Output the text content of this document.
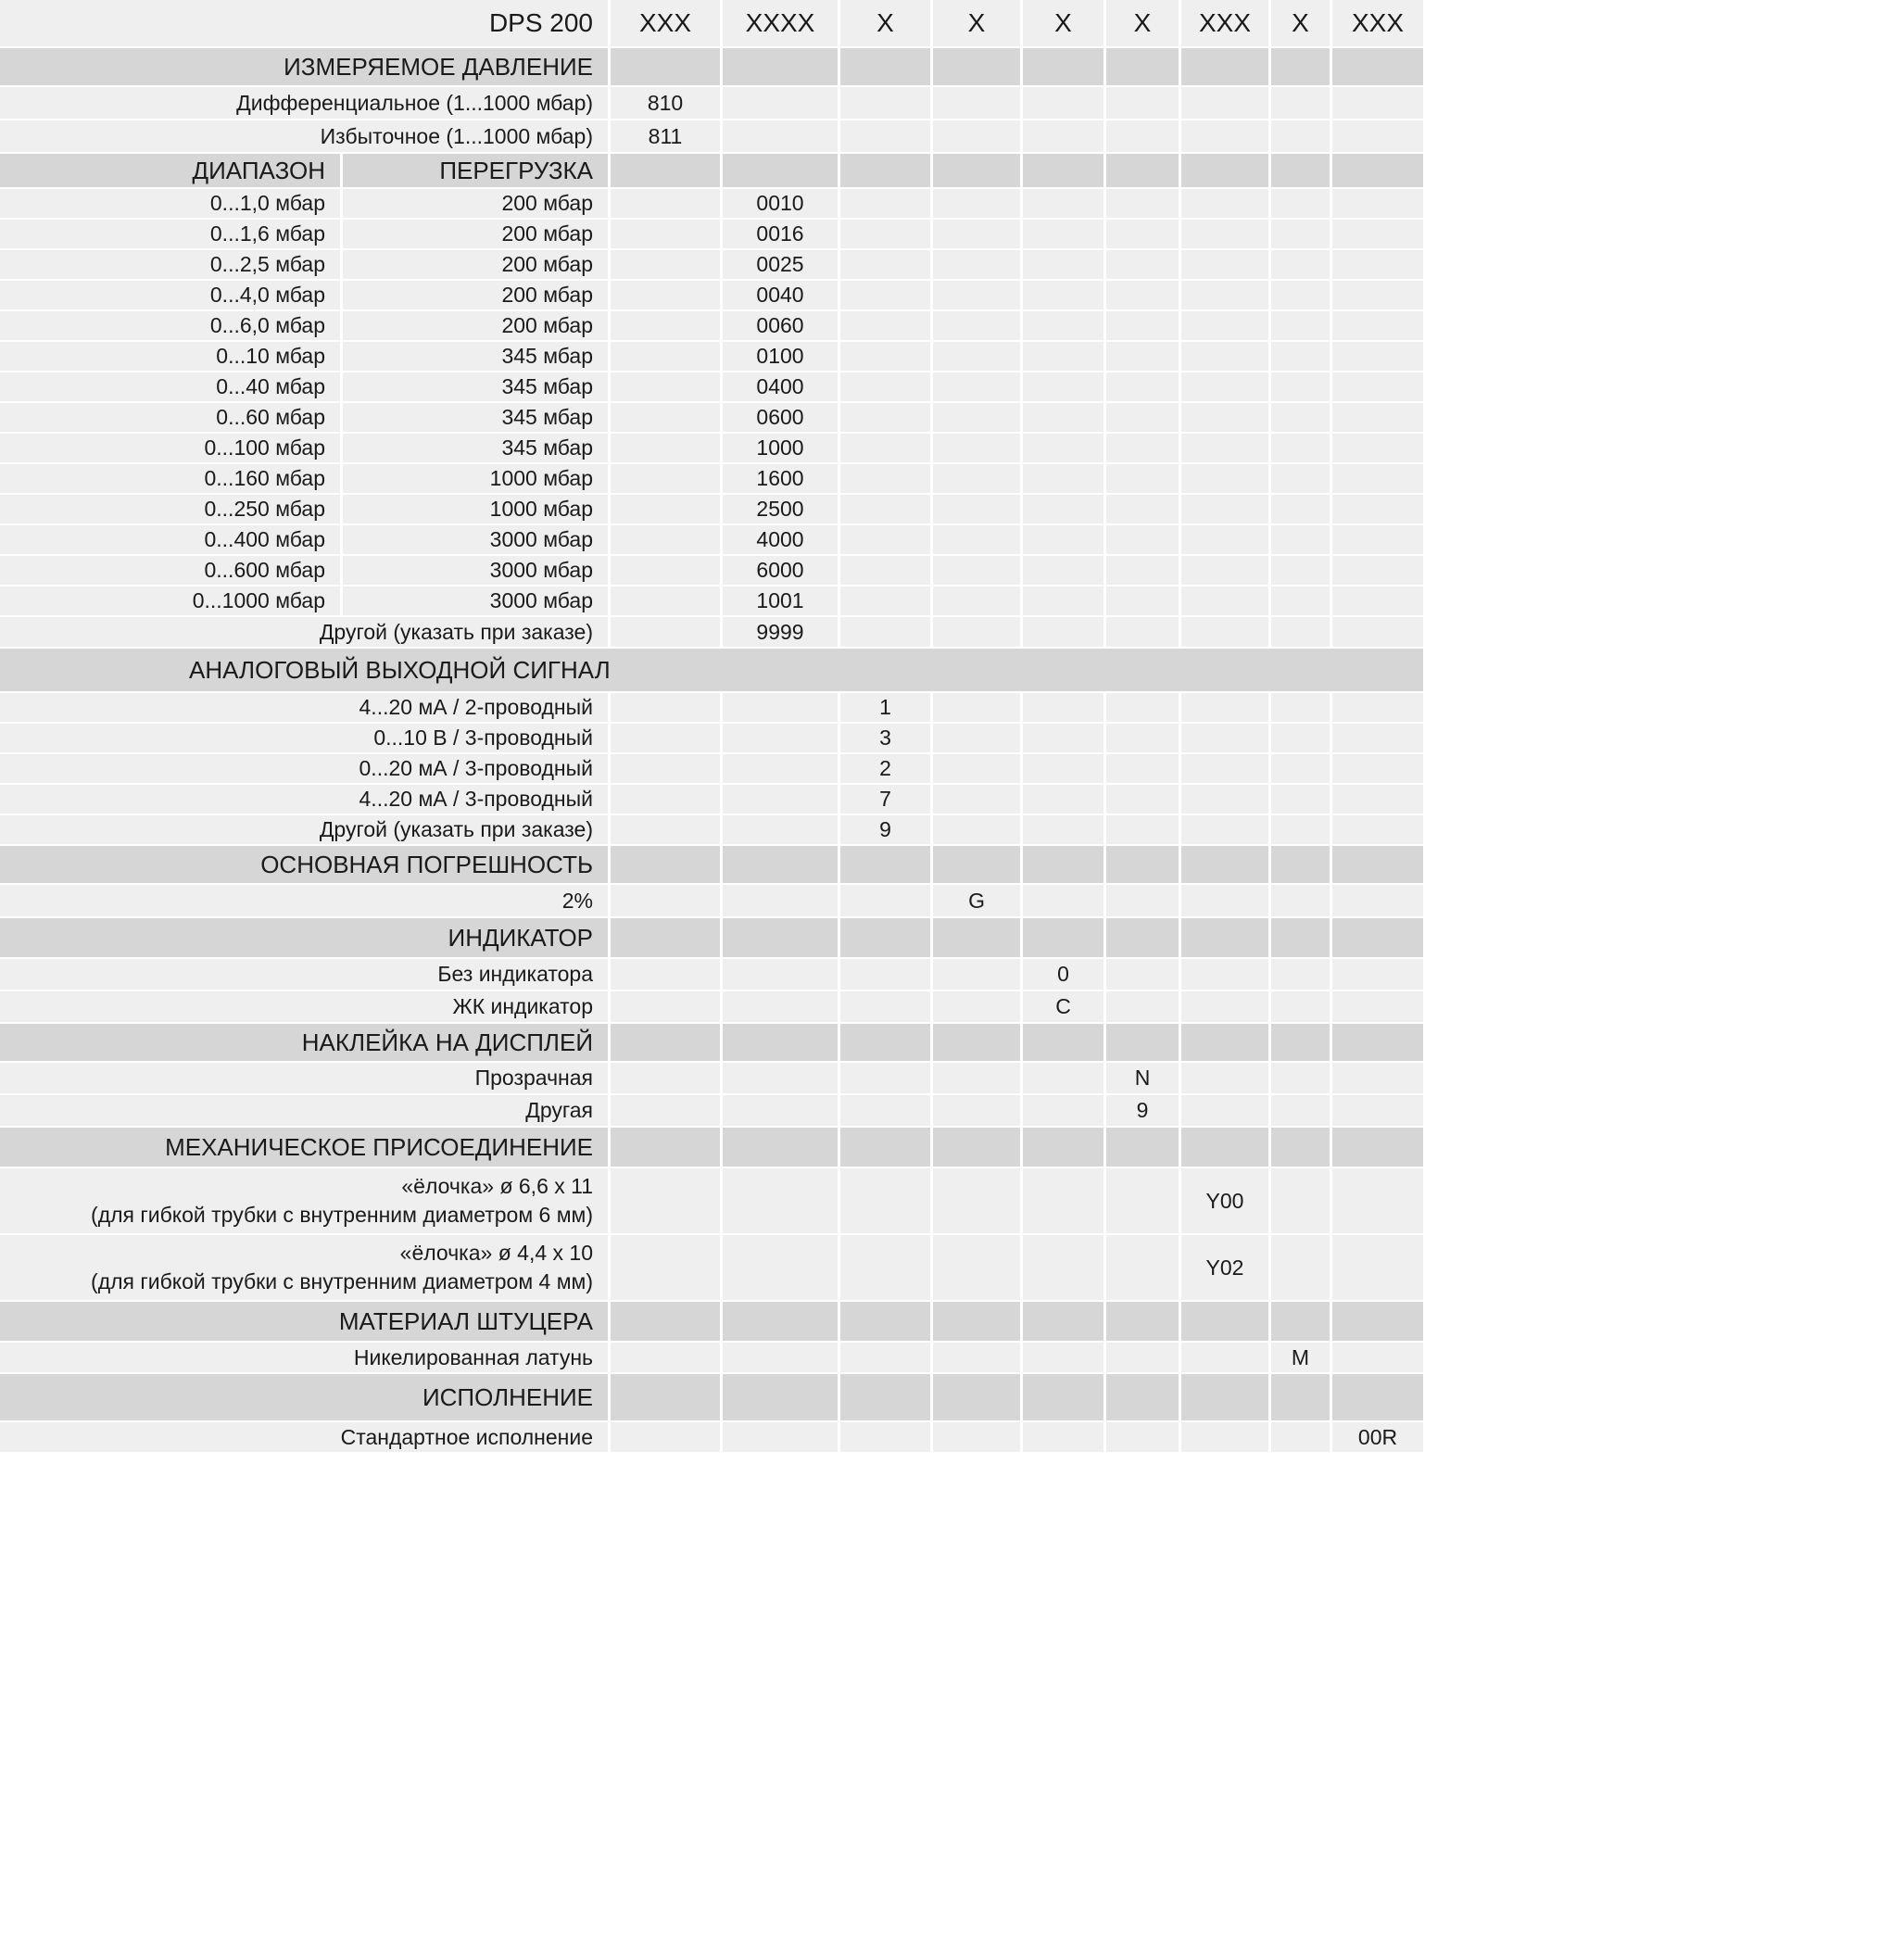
DPS 200		XXX	XXXX	X	X	X	X	XXX	X	XXX
ИЗМЕРЯЕМОЕ ДАВЛЕНИЕ										
Дифференциальное (1...1000 мбар)		810								
Избыточное (1...1000 мбар)		811								
ДИАПАЗОН	ПЕРЕГРУЗКА									
0...1,0 мбар	200 мбар		0010							
0...1,6 мбар	200 мбар		0016							
0...2,5 мбар	200 мбар		0025							
0...4,0 мбар	200 мбар		0040							
0...6,0 мбар	200 мбар		0060							
0...10 мбар	345 мбар		0100							
0...40 мбар	345 мбар		0400							
0...60 мбар	345 мбар		0600							
0...100 мбар	345 мбар		1000							
0...160 мбар	1000 мбар		1600							
0...250 мбар	1000 мбар		2500							
0...400 мбар	3000 мбар		4000							
0...600 мбар	3000 мбар		6000							
0...1000 мбар	3000 мбар		1001							
Другой (указать при заказе)			9999							
АНАЛОГОВЫЙ ВЫХОДНОЙ СИГНАЛ										
4...20 мА / 2-проводный				1						
0...10 В / 3-проводный				3						
0...20 мА / 3-проводный				2						
4...20 мА / 3-проводный				7						
Другой (указать при заказе)				9						
ОСНОВНАЯ ПОГРЕШНОСТЬ										
2%					G					
ИНДИКАТОР										
Без индикатора						0				
ЖК индикатор						C				
НАКЛЕЙКА НА ДИСПЛЕЙ										
Прозрачная							N			
Другая							9			
МЕХАНИЧЕСКОЕ ПРИСОЕДИНЕНИЕ										

«ёлочка» ø 6,6 x 11
(для гибкой трубки с внутренним диаметром 6 мм)								Y00		

«ёлочка» ø 4,4 x 10
(для гибкой трубки с внутренним диаметром 4 мм)								Y02		
МАТЕРИАЛ ШТУЦЕРА										
Никелированная латунь									M	
ИСПОЛНЕНИЕ										
Стандартное исполнение										00R
